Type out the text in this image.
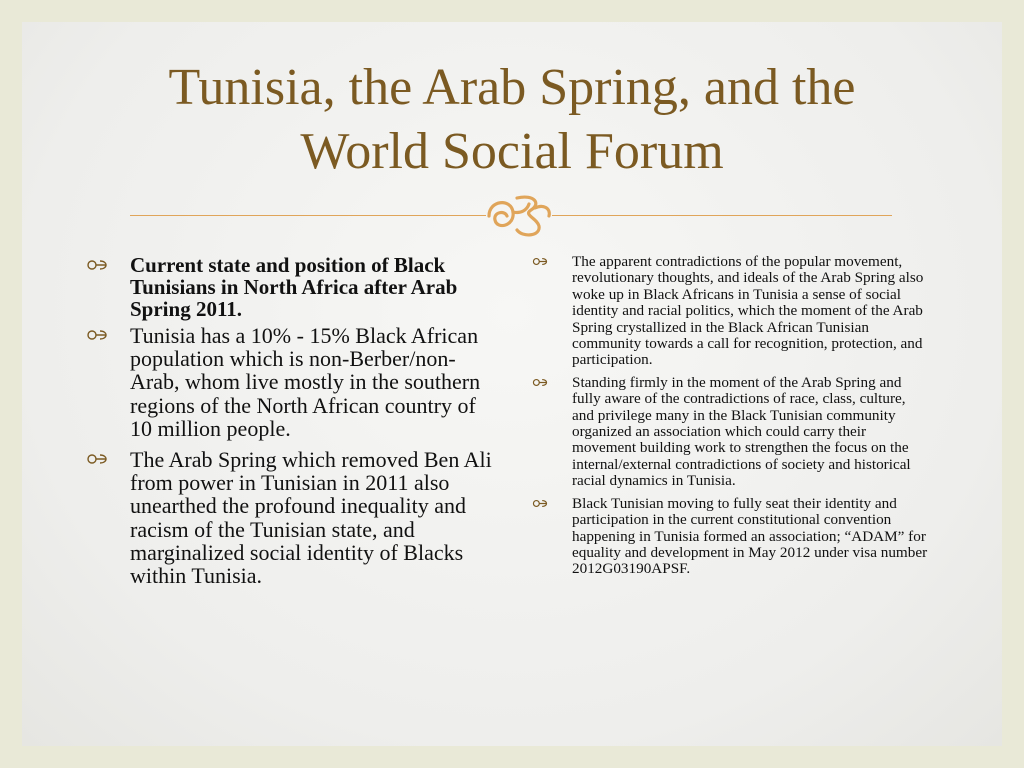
Tunisia, the Arab Spring, and the
World Social Forum
Current state and position of Black Tunisians in North Africa after Arab Spring 2011.
Tunisia has a 10% - 15% Black African population which is non-Berber/non-Arab, whom live mostly in the southern regions of the North African country of 10 million people.
The Arab Spring which removed Ben Ali from power in Tunisian in 2011 also unearthed the profound inequality and racism of the Tunisian state, and marginalized social identity of Blacks within Tunisia.
The apparent contradictions of the popular movement, revolutionary thoughts, and ideals of the Arab Spring also woke up in Black Africans in Tunisia a sense of social identity and racial politics, which the moment of the Arab Spring crystallized in the Black African Tunisian community towards a call for recognition, protection, and participation.
Standing firmly in the moment of the Arab Spring and fully aware of the contradictions of race, class, culture, and privilege many in the Black Tunisian community organized an association which could carry their movement building work to strengthen the focus on the internal/external contradictions of society and historical racial dynamics in Tunisia.
Black Tunisian moving to fully seat their identity and participation in the current constitutional convention happening in Tunisia formed an association; “ADAM” for equality and development in May 2012 under visa number 2012G03190APSF.
